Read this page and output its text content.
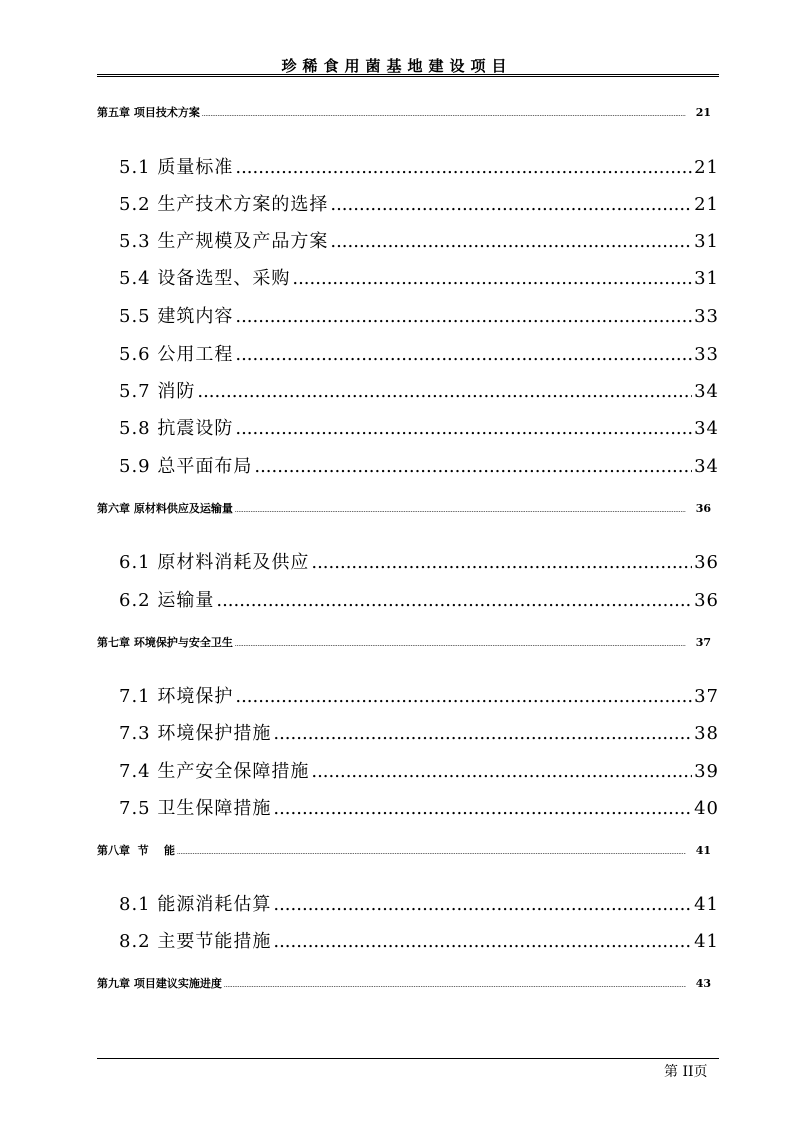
珍稀食用菌基地建设项目
第五章 项目技术方案 .....	21
5.1 质量标准 .....	21
5.2 生产技术方案的选择 .....	21
5.3 生产规模及产品方案 .....	31
5.4 设备选型、采购 .....	31
5.5 建筑内容 .....	33
5.6 公用工程 .....	33
5.7 消防 .....	34
5.8 抗震设防 .....	34
5.9 总平面布局 .....	34
第六章 原材料供应及运输量 .....	36
6.1 原材料消耗及供应 .....	36
6.2 运输量 .....	36
第七章 环境保护与安全卫生 .....	37
7.1 环境保护 .....	37
7.3 环境保护措施 .....	38
7.4 生产安全保障措施 .....	39
7.5 卫生保障措施 .....	40
第八章  节    能 .....	41
8.1 能源消耗估算 .....	41
8.2 主要节能措施 .....	41
第九章 项目建议实施进度 .....	43
第 II页
